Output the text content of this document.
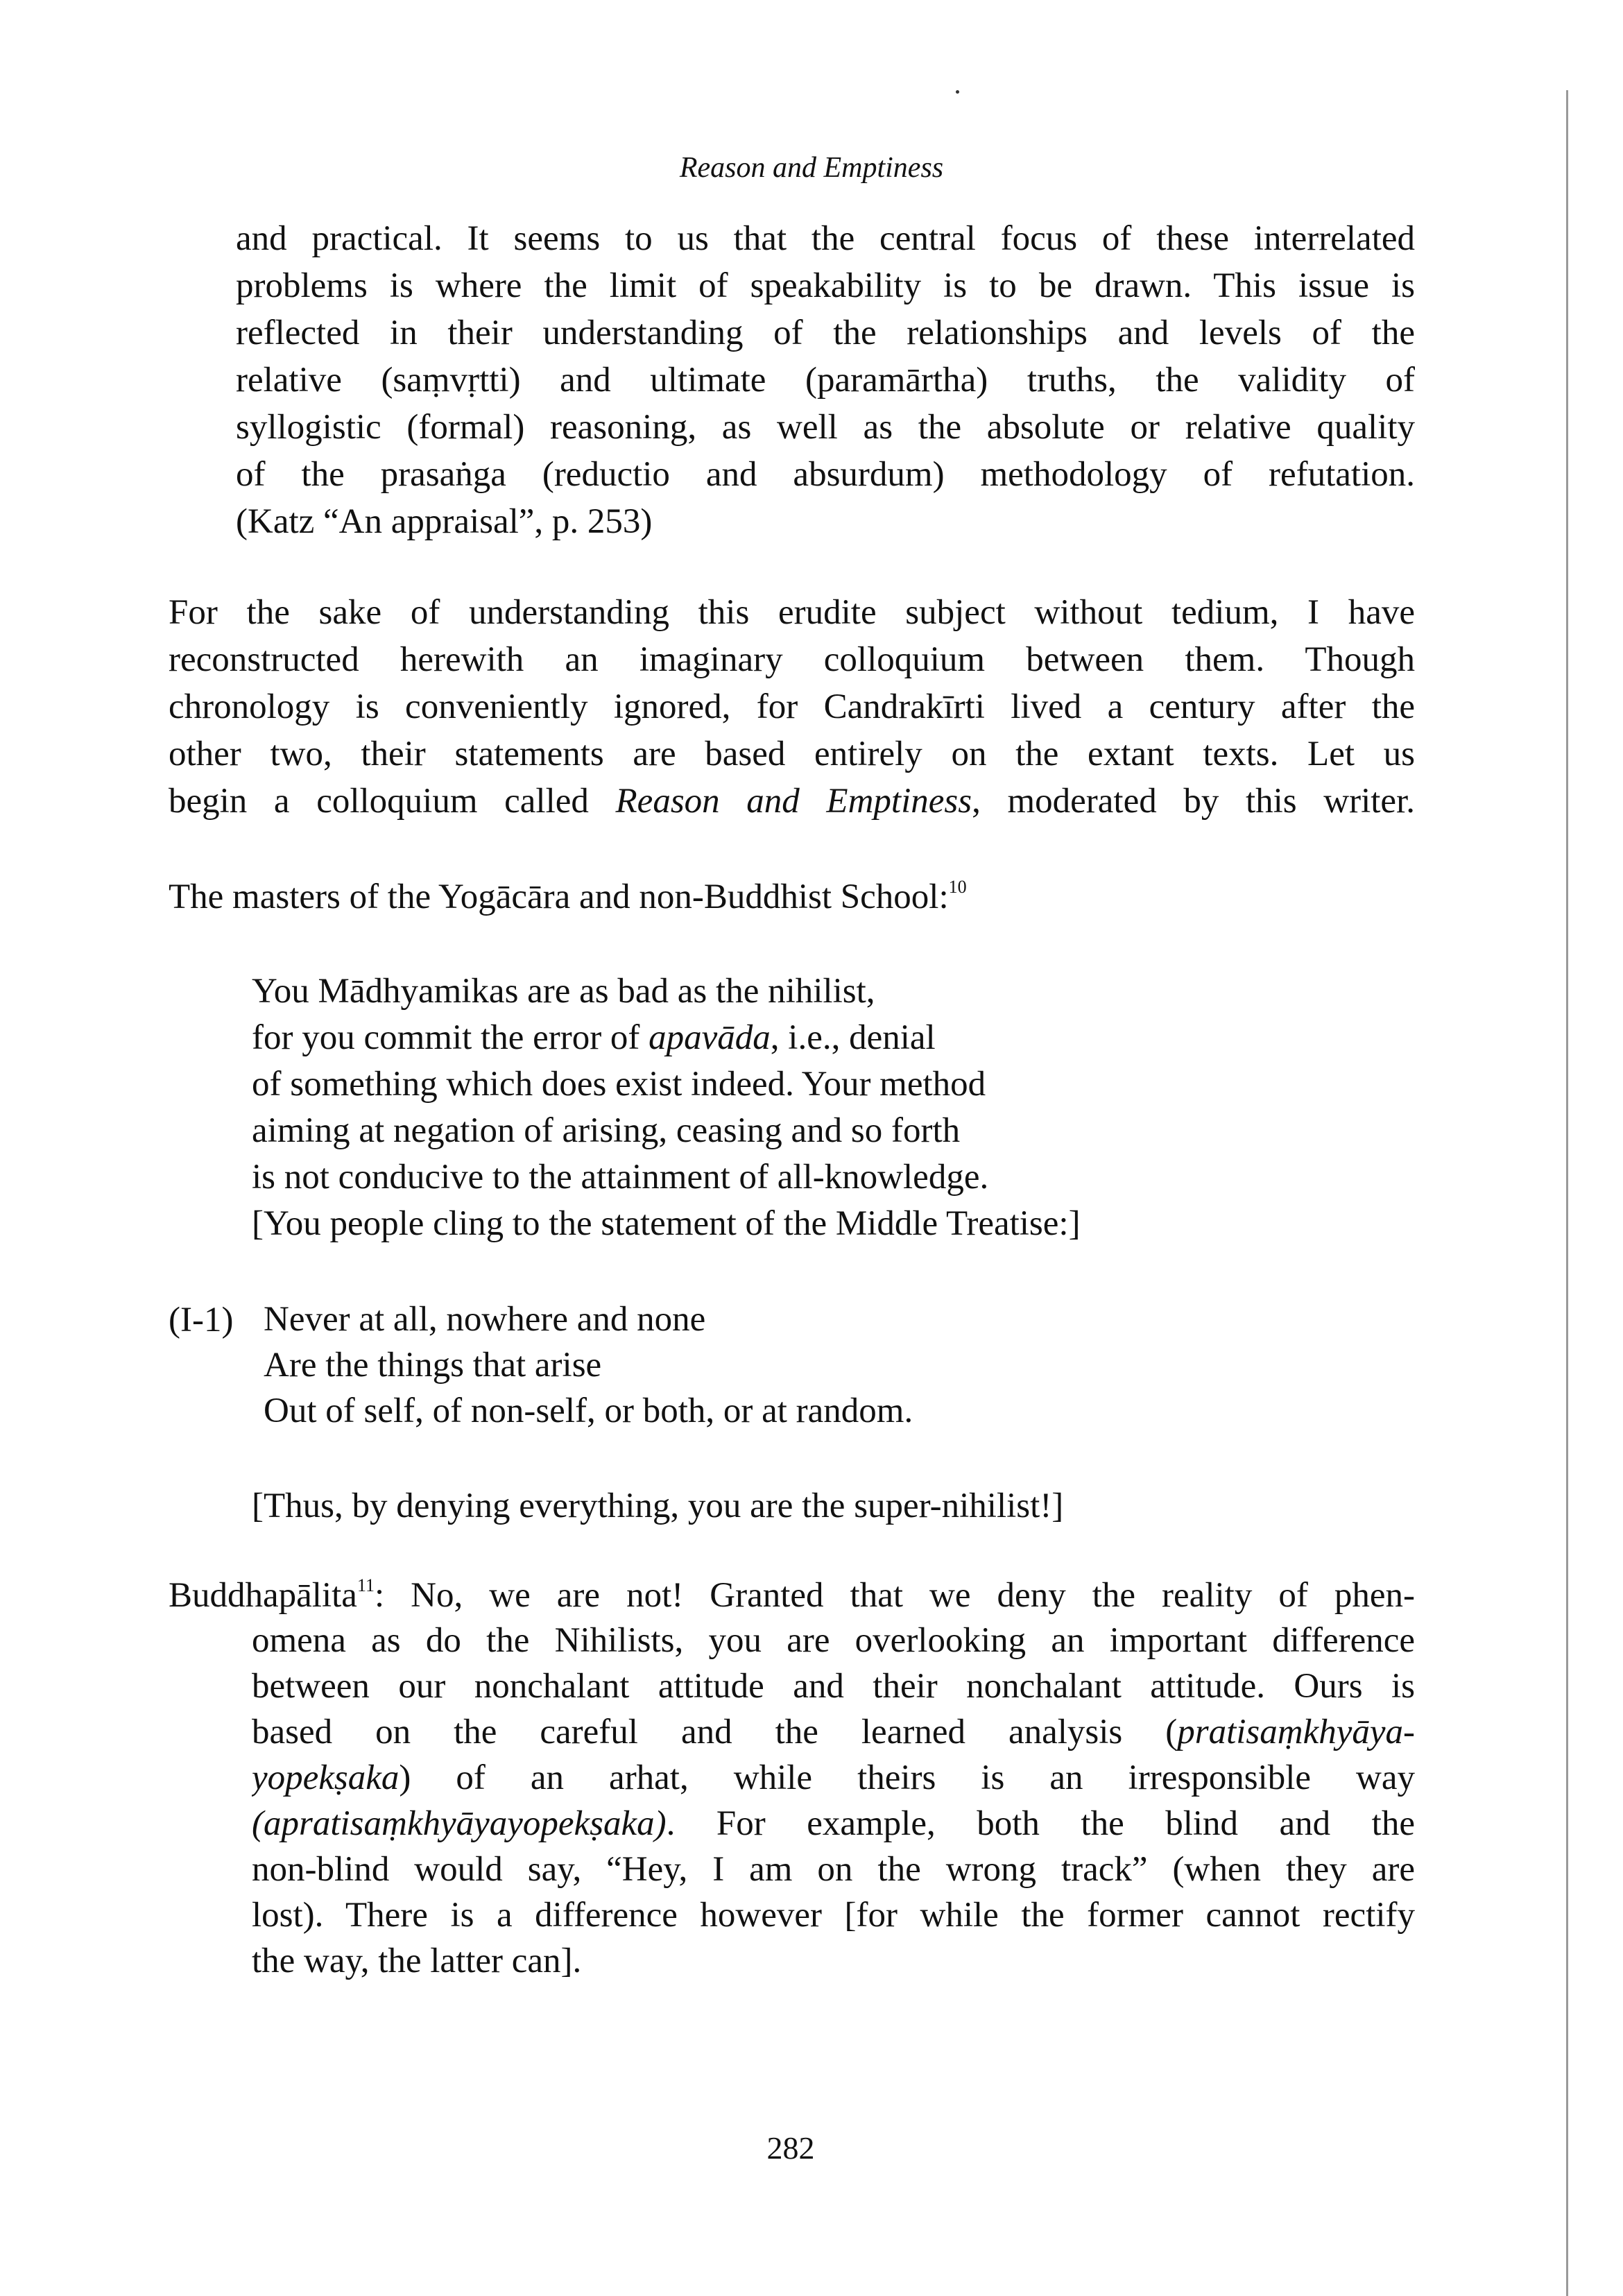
Reason and Emptiness
and practical. It seems to us that the central focus of these interrelated
problems is where the limit of speakability is to be drawn. This issue is
reflected in their understanding of the relationships and levels of the
relative (saṃvṛtti) and ultimate (paramārtha) truths, the validity of
syllogistic (formal) reasoning, as well as the absolute or relative quality
of the prasaṅga (reductio and absurdum) methodology of refutation.
(Katz “An appraisal”, p. 253)
For the sake of understanding this erudite subject without tedium, I have
reconstructed herewith an imaginary colloquium between them. Though
chronology is conveniently ignored, for Candrakīrti lived a century after the
other two, their statements are based entirely on the extant texts. Let us
begin a colloquium called Reason and Emptiness, moderated by this writer.
The masters of the Yogācāra and non-Buddhist School:$^{10}$
You Mādhyamikas are as bad as the nihilist,
for you commit the error of apavāda, i.e., denial
of something which does exist indeed. Your method
aiming at negation of arising, ceasing and so forth
is not conducive to the attainment of all-knowledge.
[You people cling to the statement of the Middle Treatise:]
(I-1) Never at all, nowhere and none
Are the things that arise
Out of self, of non-self, or both, or at random.
[Thus, by denying everything, you are the super-nihilist!]
Buddhapālita$^{11}$: No, we are not! Granted that we deny the reality of phen-
omena as do the Nihilists, you are overlooking an important difference
between our nonchalant attitude and their nonchalant attitude. Ours is
based on the careful and the learned analysis (pratisaṃkhyāya-
yopekṣaka) of an arhat, while theirs is an irresponsible way
(apratisaṃkhyāyayopekṣaka). For example, both the blind and the
non-blind would say, “Hey, I am on the wrong track” (when they are
lost). There is a difference however [for while the former cannot rectify
the way, the latter can].
282
